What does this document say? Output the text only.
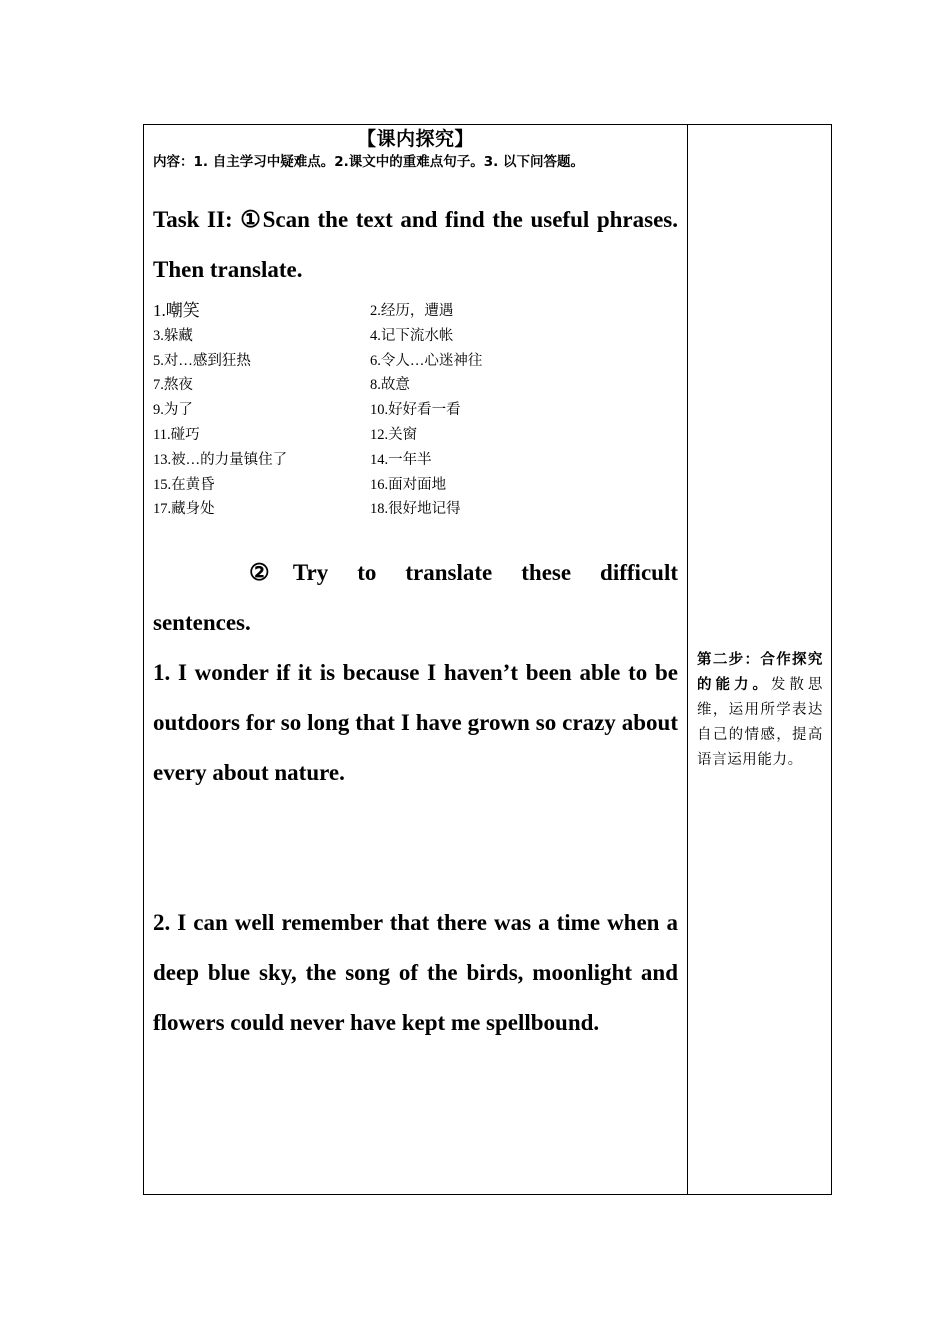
【课内探究】

内容：1. 自主学习中疑难点。2.课文中的重难点句子。3. 以下问答题。

Task II: ①Scan the text and find the useful phrases. Then translate.

1.嘲笑	2.经历，遭遇
3.躲藏	4.记下流水帐
5.对…感到狂热	6.令人…心迷神往
7.熬夜	8.故意
9.为了	10.好好看一看
11.碰巧	12.关窗
13.被…的力量镇住了	14.一年半
15.在黄昏	16.面对面地
17.藏身处	18.很好地记得

②Try to translate these difficult

sentences.

1. I wonder if it is because I haven’t been able to be outdoors for so long that I have grown so crazy about every about nature.

2. I can well remember that there was a time when a deep blue sky, the song of the birds, moonlight and flowers could never have kept me spellbound.

第二步：合作探究的能力。发散思维，运用所学表达自己的情感，提高语言运用能力。
